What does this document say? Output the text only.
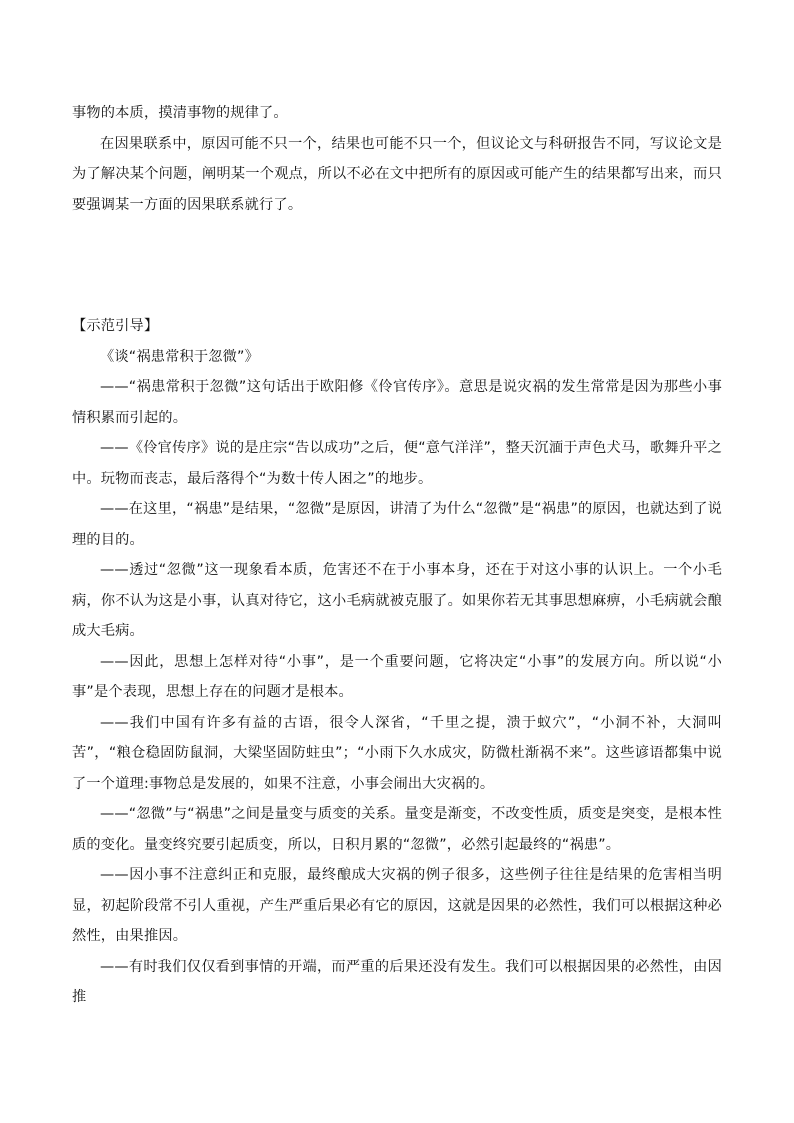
事物的本质，摸清事物的规律了。

在因果联系中，原因可能不只一个，结果也可能不只一个，但议论文与科研报告不同，写议论文是为了解决某个问题，阐明某一个观点，所以不必在文中把所有的原因或可能产生的结果都写出来，而只要强调某一方面的因果联系就行了。

【示范引导】

《谈“祸患常积于忽微”》

——“祸患常积于忽微”这句话出于欧阳修《伶官传序》。意思是说灾祸的发生常常是因为那些小事情积累而引起的。

——《伶官传序》说的是庄宗“告以成功”之后，便“意气洋洋”，整天沉湎于声色犬马，歌舞升平之中。玩物而丧志，最后落得个“为数十传人困之”的地步。

——在这里，“祸患”是结果，“忽微”是原因，讲清了为什么“忽微”是“祸患”的原因，也就达到了说理的目的。

——透过“忽微”这一现象看本质，危害还不在于小事本身，还在于对这小事的认识上。一个小毛病，你不认为这是小事，认真对待它，这小毛病就被克服了。如果你若无其事思想麻痹，小毛病就会酿成大毛病。

——因此，思想上怎样对待“小事”，是一个重要问题，它将决定“小事”的发展方向。所以说“小事”是个表现，思想上存在的问题才是根本。

——我们中国有许多有益的古语，很令人深省，“千里之提，溃于蚁穴”，“小洞不补，大洞叫苦”，“粮仓稳固防鼠洞，大梁坚固防蛀虫”；“小雨下久水成灾，防微杜渐祸不来”。这些谚语都集中说了一个道理:事物总是发展的，如果不注意，小事会闹出大灾祸的。

——“忽微”与“祸患”之间是量变与质变的关系。量变是渐变，不改变性质，质变是突变，是根本性质的变化。量变终究要引起质变，所以，日积月累的“忽微”，必然引起最终的“祸患”。

——因小事不注意纠正和克服，最终酿成大灾祸的例子很多，这些例子往往是结果的危害相当明显，初起阶段常不引人重视，产生严重后果必有它的原因，这就是因果的必然性，我们可以根据这种必然性，由果推因。

——有时我们仅仅看到事情的开端，而严重的后果还没有发生。我们可以根据因果的必然性，由因推
